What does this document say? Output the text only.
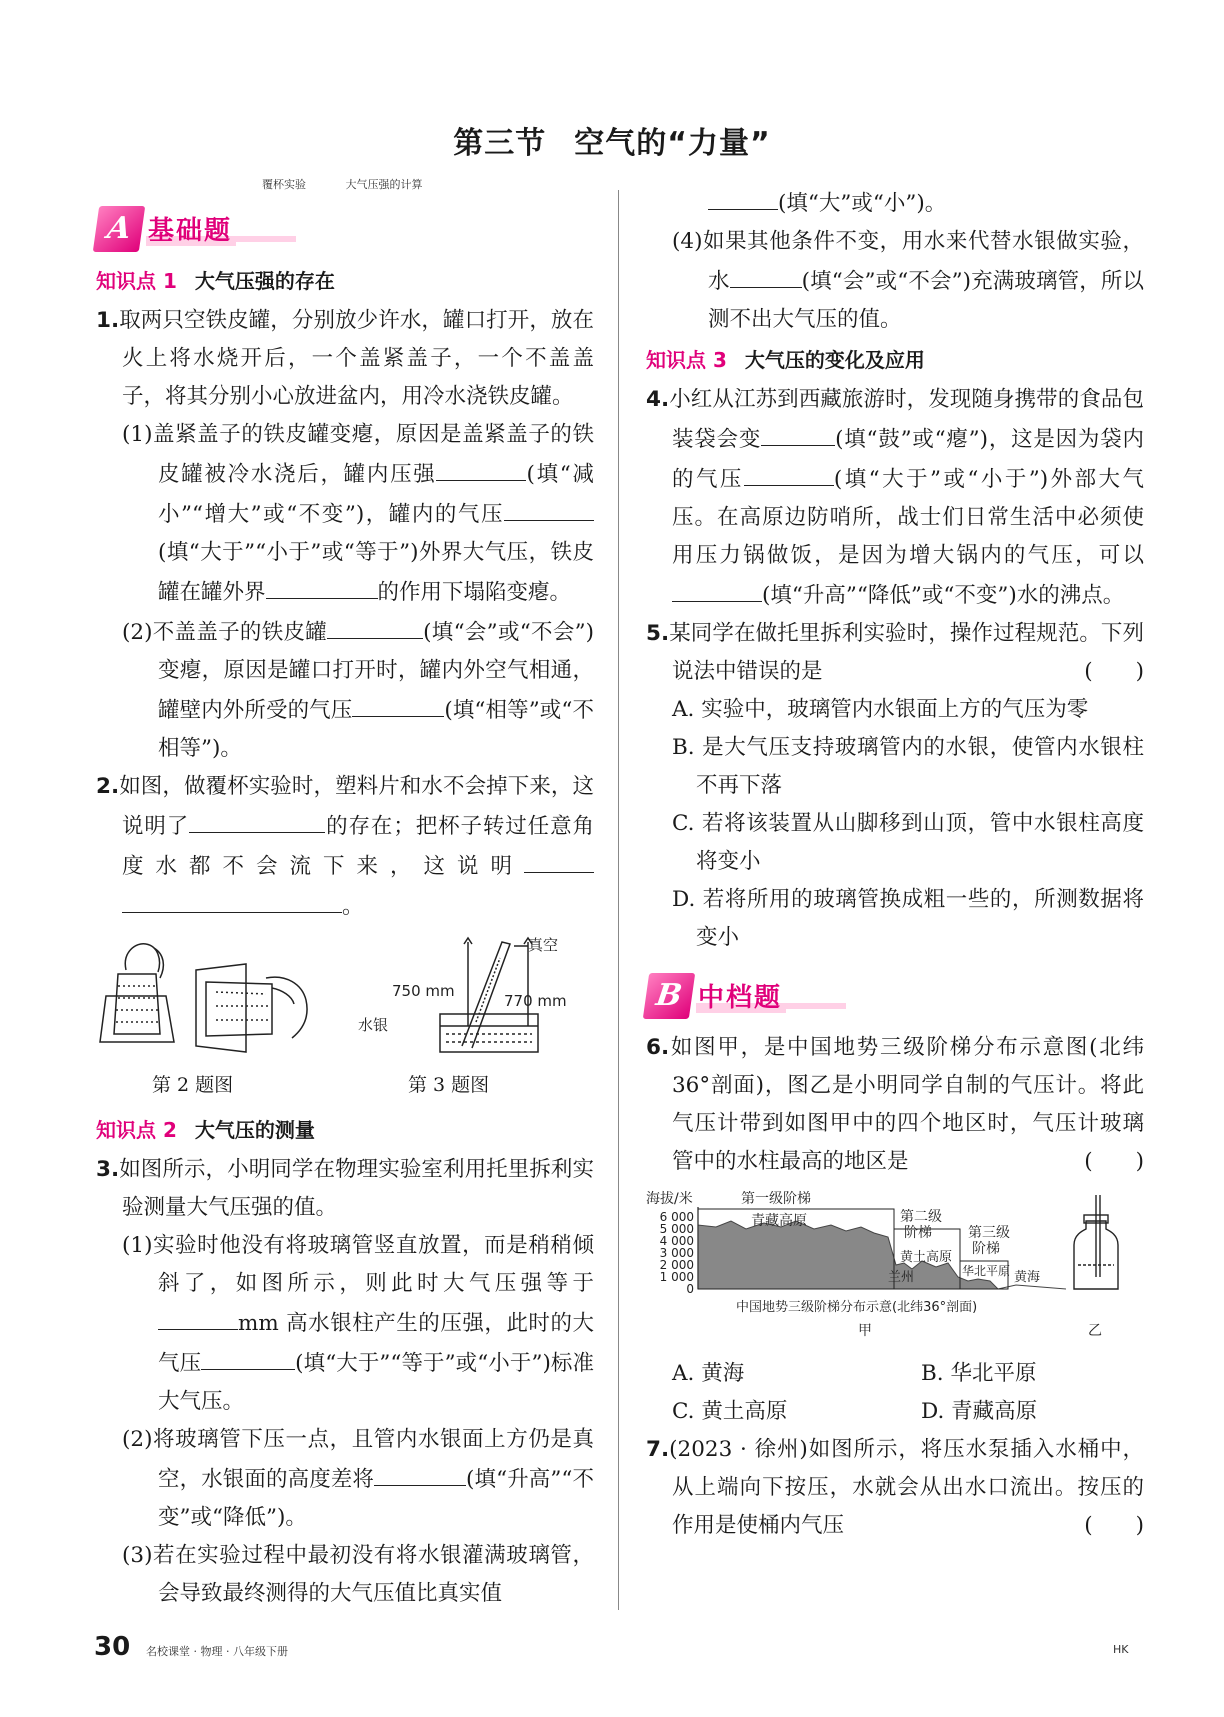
第三节 空气的“力量”
覆杯实验	大气压强的计算
A 基础题
知识点 1 大气压强的存在

1.取两只空铁皮罐，分别放少许水，罐口打开，放在火上将水烧开后，一个盖紧盖子，一个不盖盖子，将其分别小心放进盆内，用冷水浇铁皮罐。

(1)盖紧盖子的铁皮罐变瘪，原因是盖紧盖子的铁皮罐被冷水浇后，罐内压强	(填“减小”“增大”或“不变”)，罐内的气压(填“大于”“小于”或“等于”)外界大气压，铁皮罐在罐外界	的作用下塌陷变瘪。

(2)不盖盖子的铁皮罐	(填“会”或“不会”)变瘪，原因是罐口打开时，罐内外空气相通，罐壁内外所受的气压	(填“相等”或“不相等”)。

2.如图，做覆杯实验时，塑料片和水不会掉下来，这说明了	的存在；把杯子转过任意角度水都不会流下来，这说明 。

真空
750 mm
770 mm
水银
第 2 题图	第 3 题图
知识点 2 大气压的测量

3.如图所示，小明同学在物理实验室利用托里拆利实验测量大气压强的值。

(1)实验时他没有将玻璃管竖直放置，而是稍稍倾斜了，如图所示，则此时大气压强等于mm 高水银柱产生的压强，此时的大气压	(填“大于”“等于”或“小于”)标准大气压。

(2)将玻璃管下压一点，且管内水银面上方仍是真空，水银面的高度差将	(填“升高”“不变”或“降低”)。

(3)若在实验过程中最初没有将水银灌满玻璃管，会导致最终测得的大气压值比真实值

(填“大”或“小”)。

(4)如果其他条件不变，用水来代替水银做实验，水	(填“会”或“不会”)充满玻璃管，所以测不出大气压的值。

知识点 3 大气压的变化及应用

4.小红从江苏到西藏旅游时，发现随身携带的食品包装袋会变	(填“鼓”或“瘪”)，这是因为袋内的气压	(填“大于”或“小于”)外部大气压。在高原边防哨所，战士们日常生活中必须使用压力锅做饭，是因为增大锅内的气压，可以(填“升高”“降低”或“不变”)水的沸点。

5.某同学在做托里拆利实验时，操作过程规范。下列说法中错误的是	(　　)

A. 实验中，玻璃管内水银面上方的气压为零

B. 是大气压支持玻璃管内的水银，使管内水银柱不再下落

C. 若将该装置从山脚移到山顶，管中水银柱高度将变小

D. 若将所用的玻璃管换成粗一些的，所测数据将变小

B 中档题

6.如图甲，是中国地势三级阶梯分布示意图(北纬 36°剖面)，图乙是小明同学自制的气压计。将此气压计带到如图甲中的四个地区时，气压计玻璃管中的水柱最高的地区是	(　　)

海拔/米
6 000
5 000
4 000
3 000
2 000
1 000
0
第一级阶梯
青藏高原	第二级
阶梯
黄土高原
兰州
第三级
阶梯
华北平原 黄海
中国地势三级阶梯分布示意(北纬36°剖面)
甲	乙
A. 黄海	B. 华北平原
C. 黄土高原	D. 青藏高原

7.(2023 · 徐州)如图所示，将压水泵插入水桶中，从上端向下按压，水就会从出水口流出。按压的作用是使桶内气压	(　　)

30 名校课堂 · 物理 · 八年级下册	HK
